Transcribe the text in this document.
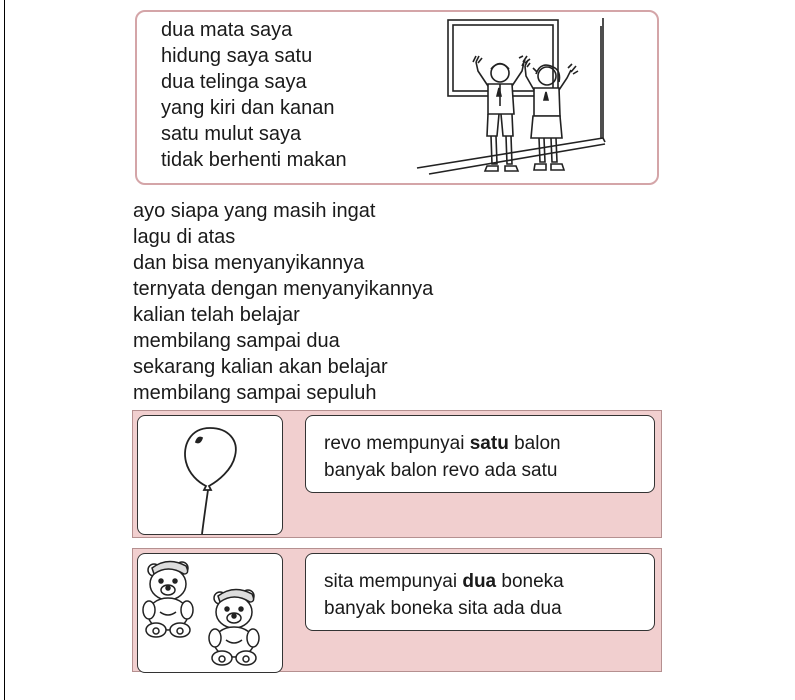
dua mata saya
hidung saya satu
dua telinga saya
yang kiri dan kanan
satu mulut saya
tidak berhenti makan
ayo siapa yang masih ingat
lagu di atas
dan bisa menyanyikannya
ternyata dengan menyanyikannya
kalian telah belajar
membilang sampai dua
sekarang kalian akan belajar
membilang sampai sepuluh
revo mempunyai satu balon
banyak balon revo ada satu
sita mempunyai dua boneka
banyak boneka sita ada dua
